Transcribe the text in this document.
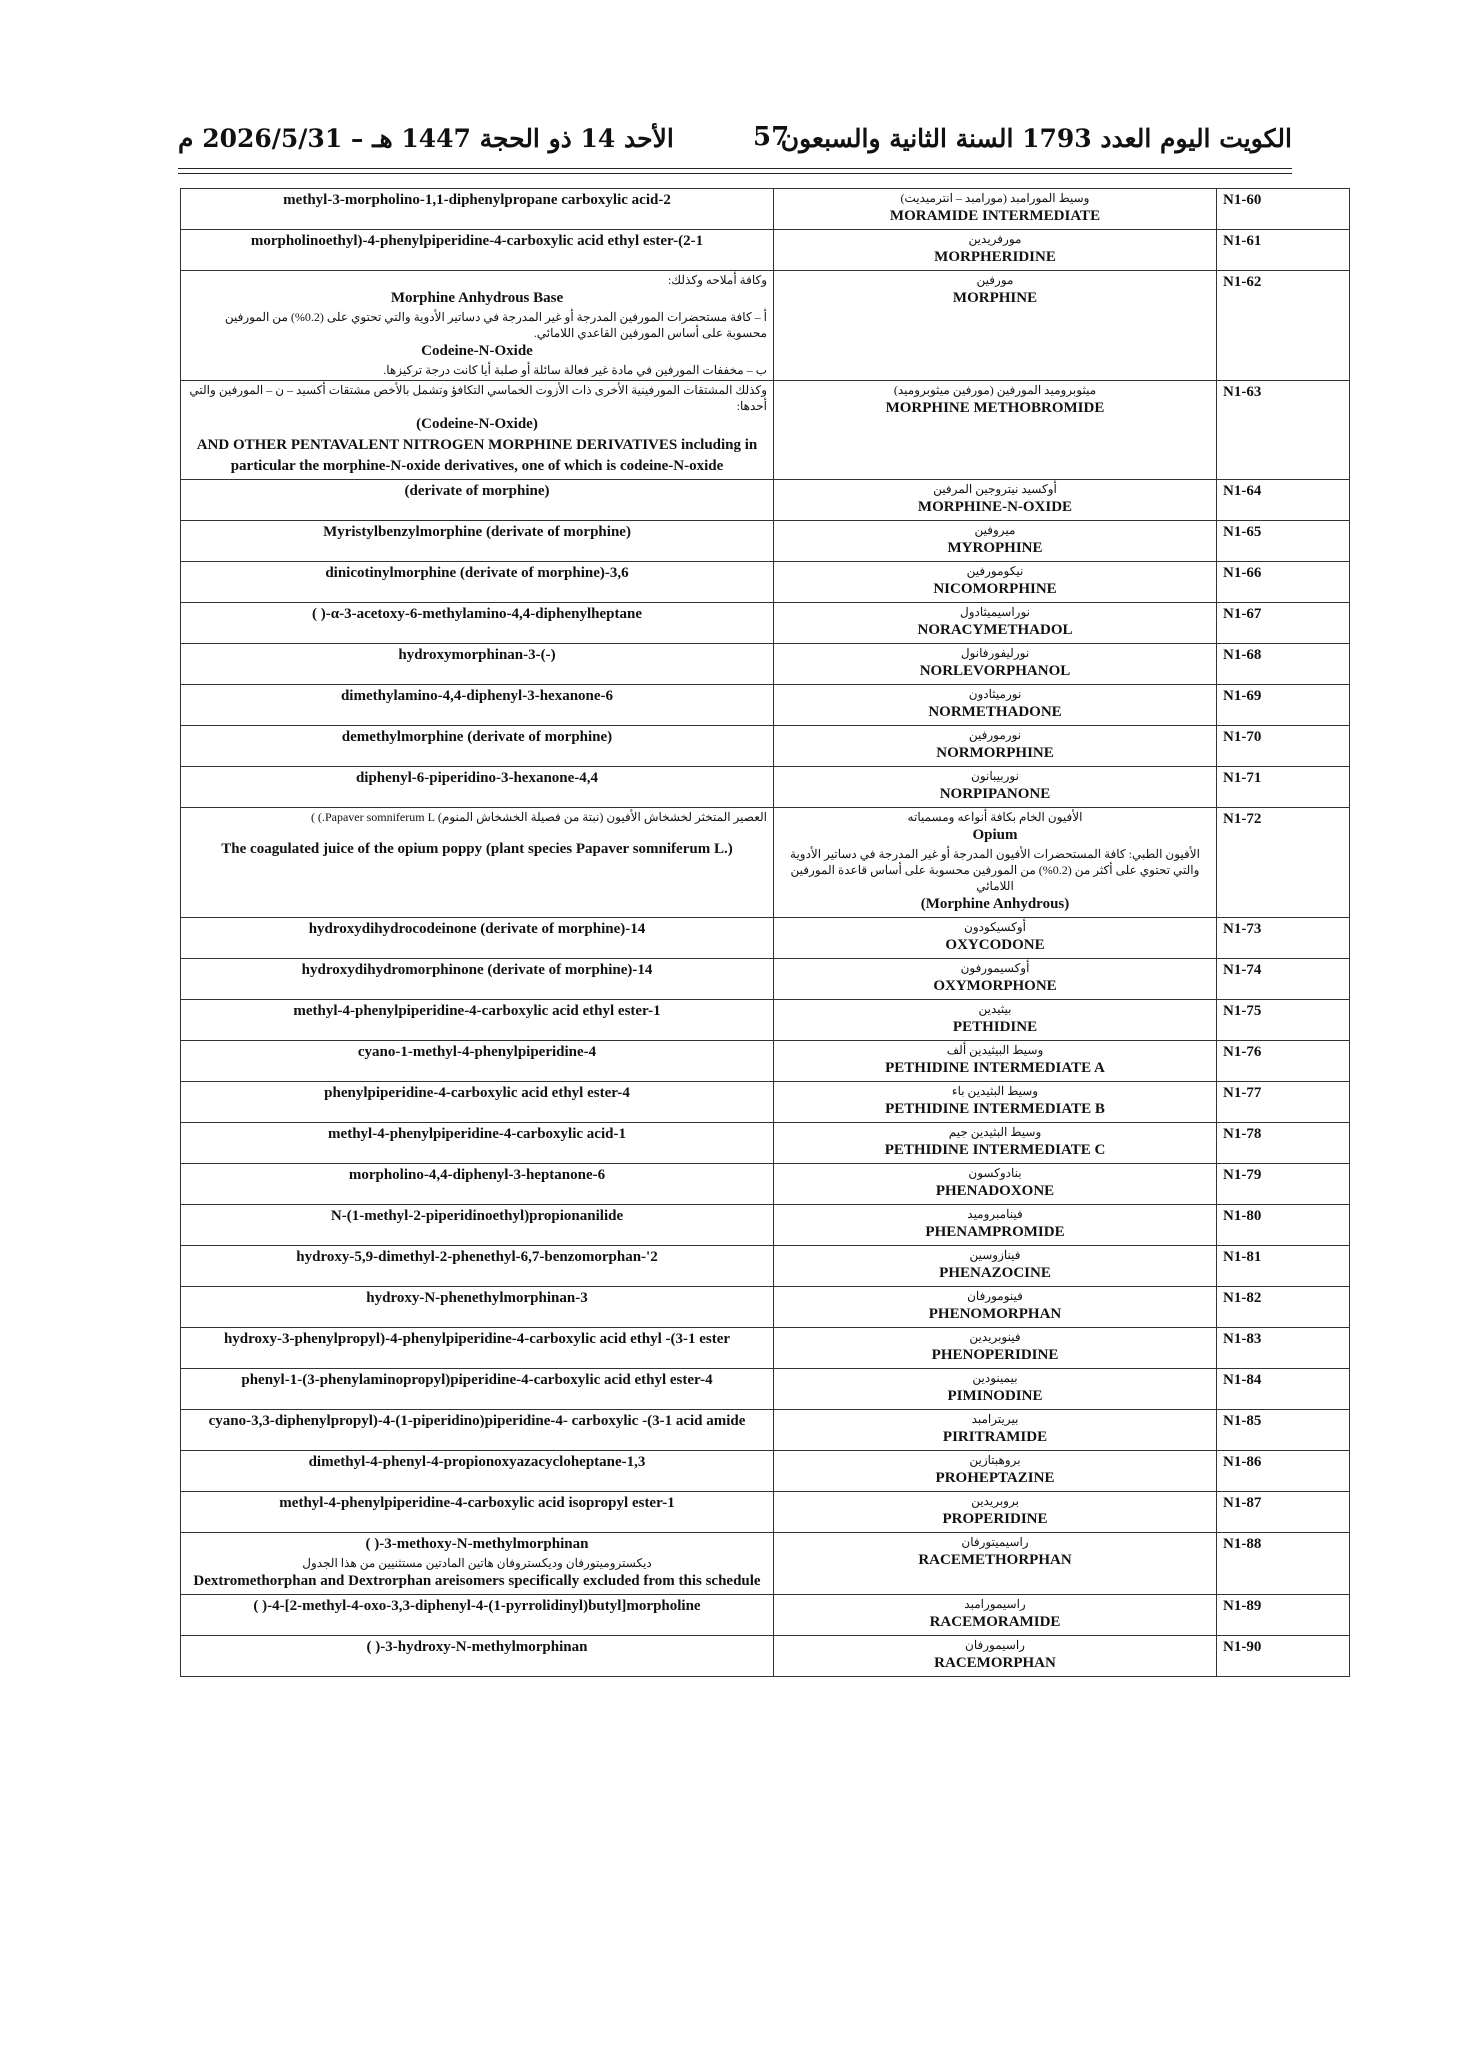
الأحد 14 ذو الحجة 1447 هـ – 2026/5/31 م	57
الكويت اليوم العدد 1793 السنة الثانية والسبعون
methyl-3-morpholino-1,1-diphenylpropane carboxylic acid-2	وسيط المورامبد (مورامبد – انترميديت)
MORAMIDE INTERMEDIATE	N1-60

morpholinoethyl)-4-phenylpiperidine-4-carboxylic acid ethyl ester-(2-1	مورفريدين
MORPHERIDINE	N1-61

وكافة أملاحه وكذلك:
Morphine Anhydrous Base
أ – كافة مستحضرات المورفين المدرجة أو غير المدرجة في دساتير الأدوية والتي تحتوي على (0.2%) من المورفين محسوبة على أساس المورفين القاعدي اللامائي.
Codeine-N-Oxide
ب – مخففات المورفين في مادة غير فعالة سائلة أو صلبة أيا كانت درجة تركيزها.	مورفين
MORPHINE	N1-62

وكذلك المشتقات المورفينية الأخرى ذات الأزوت الخماسي التكافؤ وتشمل بالأخص مشتقات أكسيد – ن – المورفين والتي أحدها:
(Codeine-N-Oxide)
AND OTHER PENTAVALENT NITROGEN MORPHINE DERIVATIVES including in particular the morphine-N-oxide derivatives, one of which is codeine-N-oxide	ميثوبروميد المورفين (مورفين ميثوبروميد)
MORPHINE METHOBROMIDE	N1-63

(derivate of morphine)	أوكسيد نيتروجين المرفين
MORPHINE-N-OXIDE	N1-64

Myristylbenzylmorphine (derivate of morphine)	ميروفين
MYROPHINE	N1-65

dinicotinylmorphine (derivate of morphine)-3,6	نيكومورفين
NICOMORPHINE	N1-66

( )-α-3-acetoxy-6-methylamino-4,4-diphenylheptane	نوراسيميثادول
NORACYMETHADOL	N1-67

hydroxymorphinan-3-(-)	نورليفورفانول
NORLEVORPHANOL	N1-68

dimethylamino-4,4-diphenyl-3-hexanone-6	نورميثادون
NORMETHADONE	N1-69

demethylmorphine (derivate of morphine)	نورمورفين
NORMORPHINE	N1-70

diphenyl-6-piperidino-3-hexanone-4,4	نوربيبانون
NORPIPANONE	N1-71

العصير المتخثر لخشخاش الأفيون (نبتة من فصيلة الخشخاش المنوم) Papaver somniferum L.) )
The coagulated juice of the opium poppy (plant species Papaver somniferum L.)	الأفيون الخام بكافة أنواعه ومسمياته
Opium
الأفيون الطبي: كافة المستحضرات الأفيون المدرجة أو غير المدرجة في دساتير الأدوية والتي تحتوي على أكثر من (0.2%) من المورفين محسوبة على أساس قاعدة المورفين اللامائي
(Morphine Anhydrous)	N1-72

hydroxydihydrocodeinone (derivate of morphine)-14	أوكسيكودون
OXYCODONE	N1-73

hydroxydihydromorphinone (derivate of morphine)-14	أوكسيمورفون
OXYMORPHONE	N1-74

methyl-4-phenylpiperidine-4-carboxylic acid ethyl ester-1	بيثيدين
PETHIDINE	N1-75

cyano-1-methyl-4-phenylpiperidine-4	وسيط البيثيدين ألف
PETHIDINE INTERMEDIATE A	N1-76

phenylpiperidine-4-carboxylic acid ethyl ester-4	وسيط البثيدين باء
PETHIDINE INTERMEDIATE B	N1-77

methyl-4-phenylpiperidine-4-carboxylic acid-1	وسيط البثيدين جيم
PETHIDINE INTERMEDIATE C	N1-78

morpholino-4,4-diphenyl-3-heptanone-6	بنادوكسون
PHENADOXONE	N1-79

N-(1-methyl-2-piperidinoethyl)propionanilide	فينامبروميد
PHENAMPROMIDE	N1-80

hydroxy-5,9-dimethyl-2-phenethyl-6,7-benzomorphan-'2	فينازوسين
PHENAZOCINE	N1-81

hydroxy-N-phenethylmorphinan-3	فينومورفان
PHENOMORPHAN	N1-82

hydroxy-3-phenylpropyl)-4-phenylpiperidine-4-carboxylic acid ethyl -(3-1 ester	فينوبريدين
PHENOPERIDINE	N1-83

phenyl-1-(3-phenylaminopropyl)piperidine-4-carboxylic acid ethyl ester-4	بيمينودين
PIMINODINE	N1-84

cyano-3,3-diphenylpropyl)-4-(1-piperidino)piperidine-4- carboxylic -(3-1 acid amide	بيريترامبد
PIRITRAMIDE	N1-85

dimethyl-4-phenyl-4-propionoxyazacycloheptane-1,3	بروهبتازين
PROHEPTAZINE	N1-86

methyl-4-phenylpiperidine-4-carboxylic acid isopropyl ester-1	بروبريدين
PROPERIDINE	N1-87

( )-3-methoxy-N-methylmorphinan
ديكستروميتورفان وديكستروفان هاتين المادتين مستثنيين من هذا الجدول
Dextromethorphan and Dextrorphan areisomers specifically excluded from this schedule	راسيميتورفان
RACEMETHORPHAN	N1-88

( )-4-[2-methyl-4-oxo-3,3-diphenyl-4-(1-pyrrolidinyl)butyl]morpholine	راسيمورامبد
RACEMORAMIDE	N1-89

( )-3-hydroxy-N-methylmorphinan	راسيمورفان
RACEMORPHAN	N1-90
